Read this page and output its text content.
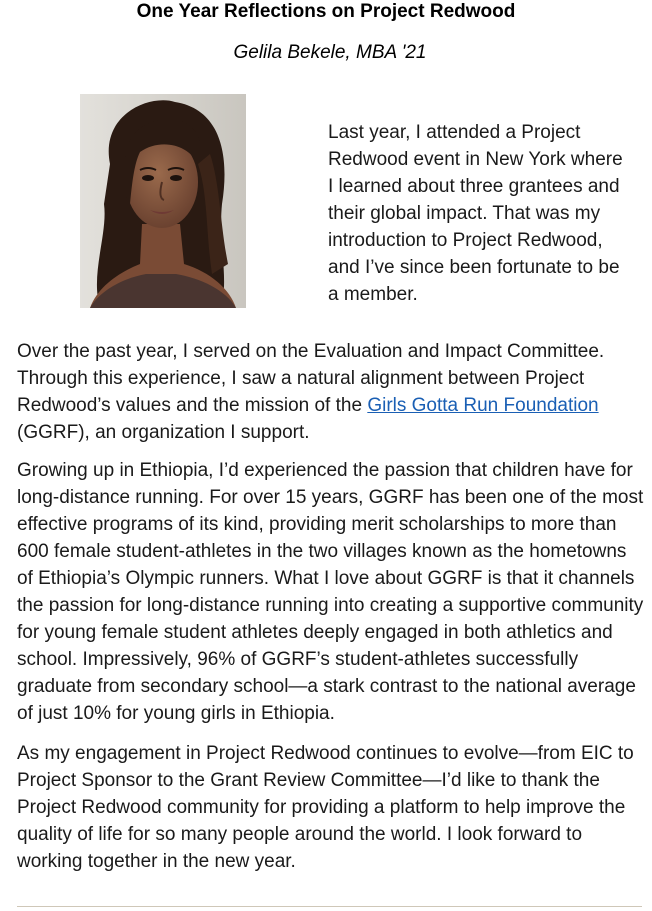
One Year Reflections on Project Redwood
Gelila Bekele, MBA '21

Last year, I attended a Project Redwood event in New York where I learned about three grantees and their global impact. That was my introduction to Project Redwood, and I’ve since been fortunate to be a member.

Over the past year, I served on the Evaluation and Impact Committee. Through this experience, I saw a natural alignment between Project Redwood’s values and the mission of the Girls Gotta Run Foundation (GGRF), an organization I support.

Growing up in Ethiopia, I’d experienced the passion that children have for long-distance running. For over 15 years, GGRF has been one of the most effective programs of its kind, providing merit scholarships to more than 600 female student-athletes in the two villages known as the hometowns of Ethiopia’s Olympic runners. What I love about GGRF is that it channels the passion for long-distance running into creating a supportive community for young female student athletes deeply engaged in both athletics and school. Impressively, 96% of GGRF’s student-athletes successfully graduate from secondary school—a stark contrast to the national average of just 10% for young girls in Ethiopia.

As my engagement in Project Redwood continues to evolve—from EIC to Project Sponsor to the Grant Review Committee—I’d like to thank the Project Redwood community for providing a platform to help improve the quality of life for so many people around the world. I look forward to working together in the new year.
